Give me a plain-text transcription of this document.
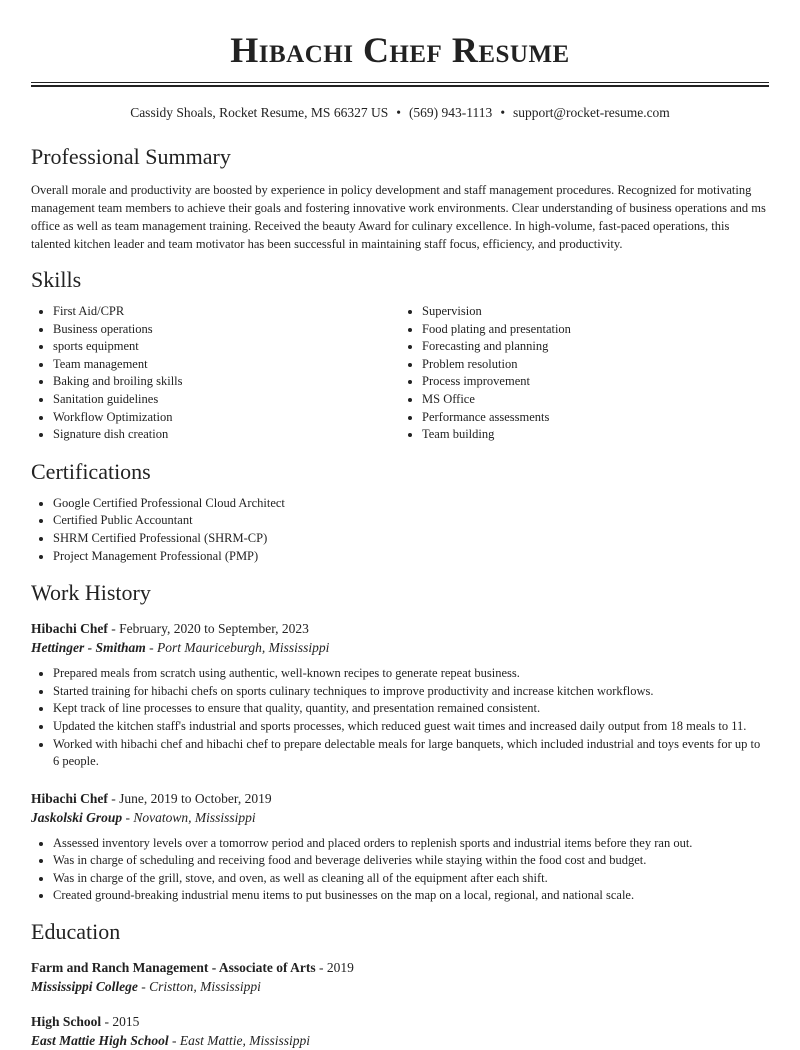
Hibachi Chef Resume
Cassidy Shoals, Rocket Resume, MS 66327 US • (569) 943-1113 • support@rocket-resume.com
Professional Summary

Overall morale and productivity are boosted by experience in policy development and staff management procedures. Recognized for motivating management team members to achieve their goals and fostering innovative work environments. Clear understanding of business operations and ms office as well as team management training. Received the beauty Award for culinary excellence. In high-volume, fast-paced operations, this talented kitchen leader and team motivator has been successful in maintaining staff focus, efficiency, and productivity.

Skills
• First Aid/CPR
• Business operations
• sports equipment
• Team management
• Baking and broiling skills
• Sanitation guidelines
• Workflow Optimization
• Signature dish creation
• Supervision
• Food plating and presentation
• Forecasting and planning
• Problem resolution
• Process improvement
• MS Office
• Performance assessments
• Team building
Certifications
• Google Certified Professional Cloud Architect
• Certified Public Accountant
• SHRM Certified Professional (SHRM-CP)
• Project Management Professional (PMP)
Work History
Hibachi Chef - February, 2020 to September, 2023
Hettinger - Smitham - Port Mauriceburgh, Mississippi
• Prepared meals from scratch using authentic, well-known recipes to generate repeat business.
• Started training for hibachi chefs on sports culinary techniques to improve productivity and increase kitchen workflows.
• Kept track of line processes to ensure that quality, quantity, and presentation remained consistent.
• Updated the kitchen staff's industrial and sports processes, which reduced guest wait times and increased daily output from 18 meals to 11.
• Worked with hibachi chef and hibachi chef to prepare delectable meals for large banquets, which included industrial and toys events for up to 6 people.
Hibachi Chef - June, 2019 to October, 2019
Jaskolski Group - Novatown, Mississippi
• Assessed inventory levels over a tomorrow period and placed orders to replenish sports and industrial items before they ran out.
• Was in charge of scheduling and receiving food and beverage deliveries while staying within the food cost and budget.
• Was in charge of the grill, stove, and oven, as well as cleaning all of the equipment after each shift.
• Created ground-breaking industrial menu items to put businesses on the map on a local, regional, and national scale.
Education
Farm and Ranch Management - Associate of Arts - 2019
Mississippi College - Cristton, Mississippi
High School - 2015
East Mattie High School - East Mattie, Mississippi
